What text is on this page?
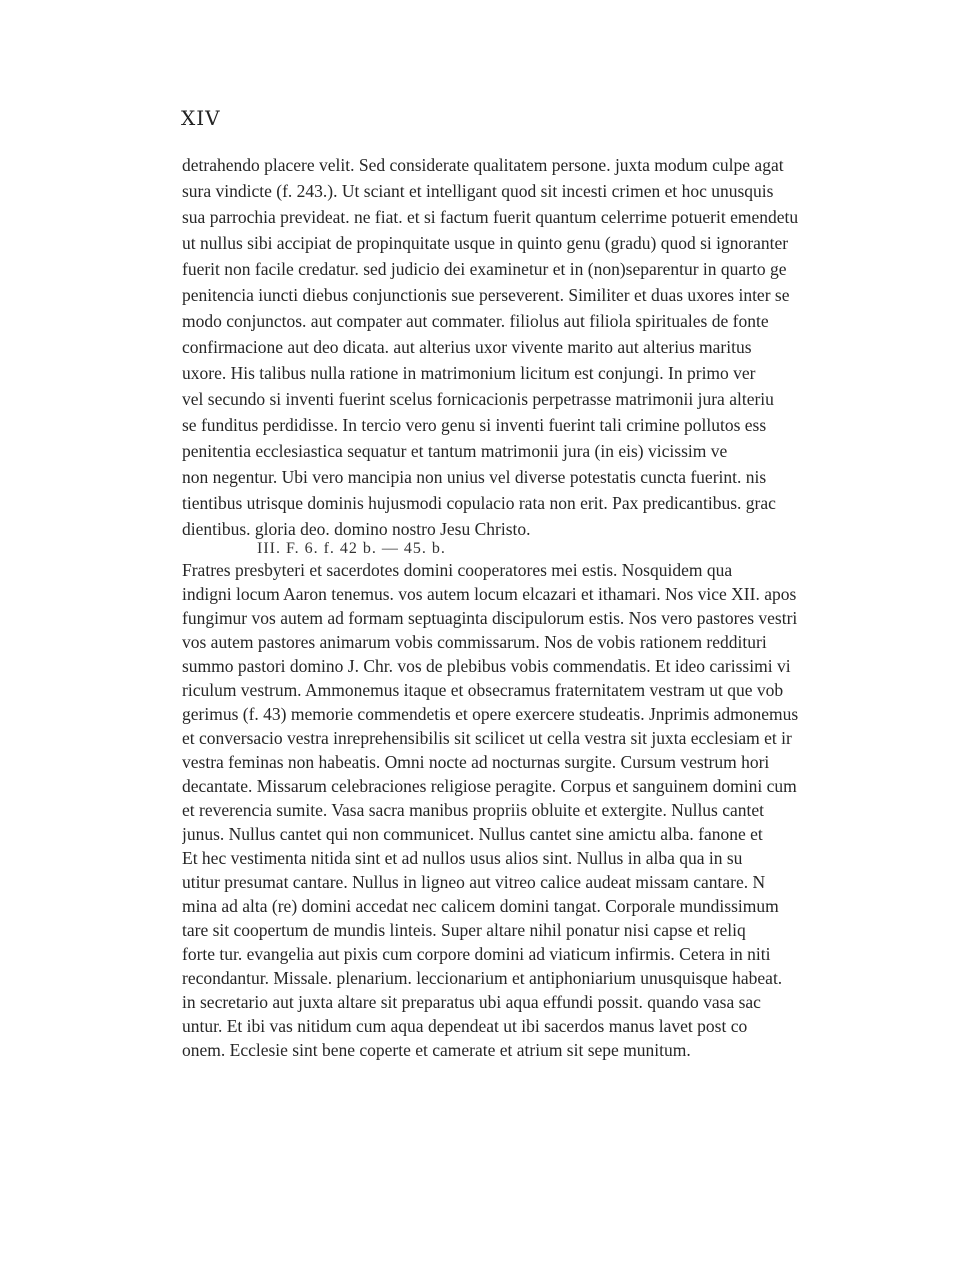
XIV
detrahendo placere velit. Sed considerate qualitatem persone. juxta modum culpe agat
sura vindicte (f. 243.). Ut sciant et intelligant quod sit incesti crimen et hoc unusquis
sua parrochia prevideat. ne fiat. et si factum fuerit quantum celerrime potuerit emendetu
ut nullus sibi accipiat de propinquitate usque in quinto genu (gradu) quod si ignoranter
fuerit non facile credatur. sed judicio dei examinetur et in (non)separentur in quarto ge
penitencia iuncti diebus conjunctionis sue perseverent. Similiter et duas uxores inter se
modo conjunctos. aut compater aut commater. filiolus aut filiola spirituales de fonte
confirmacione aut deo dicata. aut alterius uxor vivente marito aut alterius maritus
uxore. His talibus nulla ratione in matrimonium licitum est conjungi. In primo ver
vel secundo si inventi fuerint scelus fornicacionis perpetrasse matrimonii jura alteriu
se funditus perdidisse. In tercio vero genu si inventi fuerint tali crimine pollutos ess
penitentia ecclesiastica sequatur et tantum matrimonii jura (in eis) vicissim ve
non negentur. Ubi vero mancipia non unius vel diverse potestatis cuncta fuerint. nis
tientibus utrisque dominis hujusmodi copulacio rata non erit. Pax predicantibus. grac
dientibus. gloria deo. domino nostro Jesu Christo.
III. F. 6. f. 42 b. — 45. b.
Fratres presbyteri et sacerdotes domini cooperatores mei estis. Nosquidem qua
indigni locum Aaron tenemus. vos autem locum elcazari et ithamari. Nos vice XII. apos
fungimur vos autem ad formam septuaginta discipulorum estis. Nos vero pastores vestri
vos autem pastores animarum vobis commissarum. Nos de vobis rationem reddituri
summo pastori domino J. Chr. vos de plebibus vobis commendatis. Et ideo carissimi vi
riculum vestrum. Ammonemus itaque et obsecramus fraternitatem vestram ut que vob
gerimus (f. 43) memorie commendetis et opere exercere studeatis. Jnprimis admonemus
et conversacio vestra inreprehensibilis sit scilicet ut cella vestra sit juxta ecclesiam et ir
vestra feminas non habeatis. Omni nocte ad nocturnas surgite. Cursum vestrum hori
decantate. Missarum celebraciones religiose peragite. Corpus et sanguinem domini cum
et reverencia sumite. Vasa sacra manibus propriis obluite et extergite. Nullus cantet
junus. Nullus cantet qui non communicet. Nullus cantet sine amictu alba. fanone et
Et hec vestimenta nitida sint et ad nullos usus alios sint. Nullus in alba qua in su
utitur presumat cantare. Nullus in ligneo aut vitreo calice audeat missam cantare. N
mina ad alta (re) domini accedat nec calicem domini tangat. Corporale mundissimum
tare sit coopertum de mundis linteis. Super altare nihil ponatur nisi capse et reliq
forte tur. evangelia aut pixis cum corpore domini ad viaticum infirmis. Cetera in niti
recondantur. Missale. plenarium. leccionarium et antiphoniarium unusquisque habeat.
in secretario aut juxta altare sit preparatus ubi aqua effundi possit. quando vasa sac
untur. Et ibi vas nitidum cum aqua dependeat ut ibi sacerdos manus lavet post co
onem. Ecclesie sint bene coperte et camerate et atrium sit sepe munitum.
